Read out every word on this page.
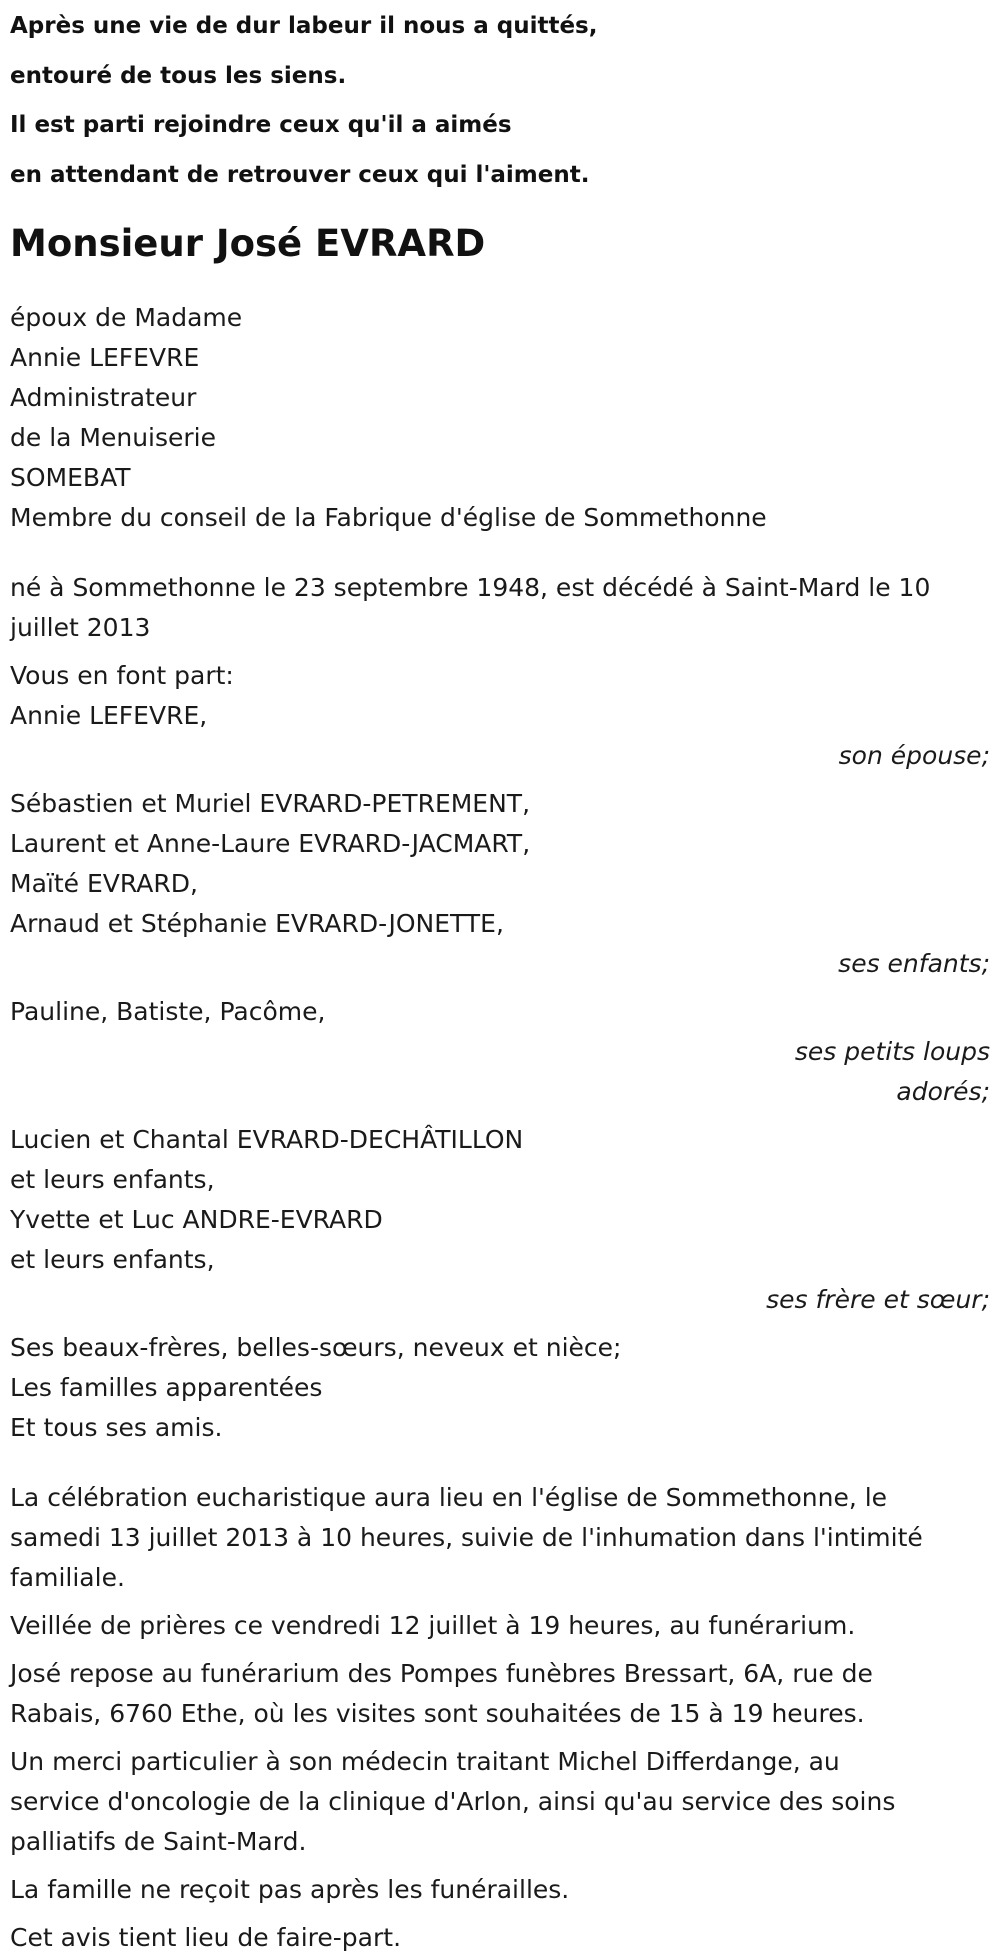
Après une vie de dur labeur il nous a quittés,

entouré de tous les siens.

Il est parti rejoindre ceux qu'il a aimés

en attendant de retrouver ceux qui l'aiment.

Monsieur José EVRARD
époux de Madame
Annie LEFEVRE
Administrateur
de la Menuiserie
SOMEBAT
Membre du conseil de la Fabrique d'église de Sommethonne
né à Sommethonne le 23 septembre 1948, est décédé à Saint-Mard le 10
juillet 2013
Vous en font part:
Annie LEFEVRE,
son épouse;
Sébastien et Muriel EVRARD-PETREMENT,
Laurent et Anne-Laure EVRARD-JACMART,
Maïté EVRARD,
Arnaud et Stéphanie EVRARD-JONETTE,
ses enfants;
Pauline, Batiste, Pacôme,
ses petits loups
adorés;
Lucien et Chantal EVRARD-DECHÂTILLON
et leurs enfants,
Yvette et Luc ANDRE-EVRARD
et leurs enfants,
ses frère et sœur;
Ses beaux-frères, belles-sœurs, neveux et nièce;
Les familles apparentées
Et tous ses amis.
La célébration eucharistique aura lieu en l'église de Sommethonne, le
samedi 13 juillet 2013 à 10 heures, suivie de l'inhumation dans l'intimité
familiale.
Veillée de prières ce vendredi 12 juillet à 19 heures, au funérarium.
José repose au funérarium des Pompes funèbres Bressart, 6A, rue de
Rabais, 6760 Ethe, où les visites sont souhaitées de 15 à 19 heures.
Un merci particulier à son médecin traitant Michel Differdange, au
service d'oncologie de la clinique d'Arlon, ainsi qu'au service des soins
palliatifs de Saint-Mard.
La famille ne reçoit pas après les funérailles.
Cet avis tient lieu de faire-part.
